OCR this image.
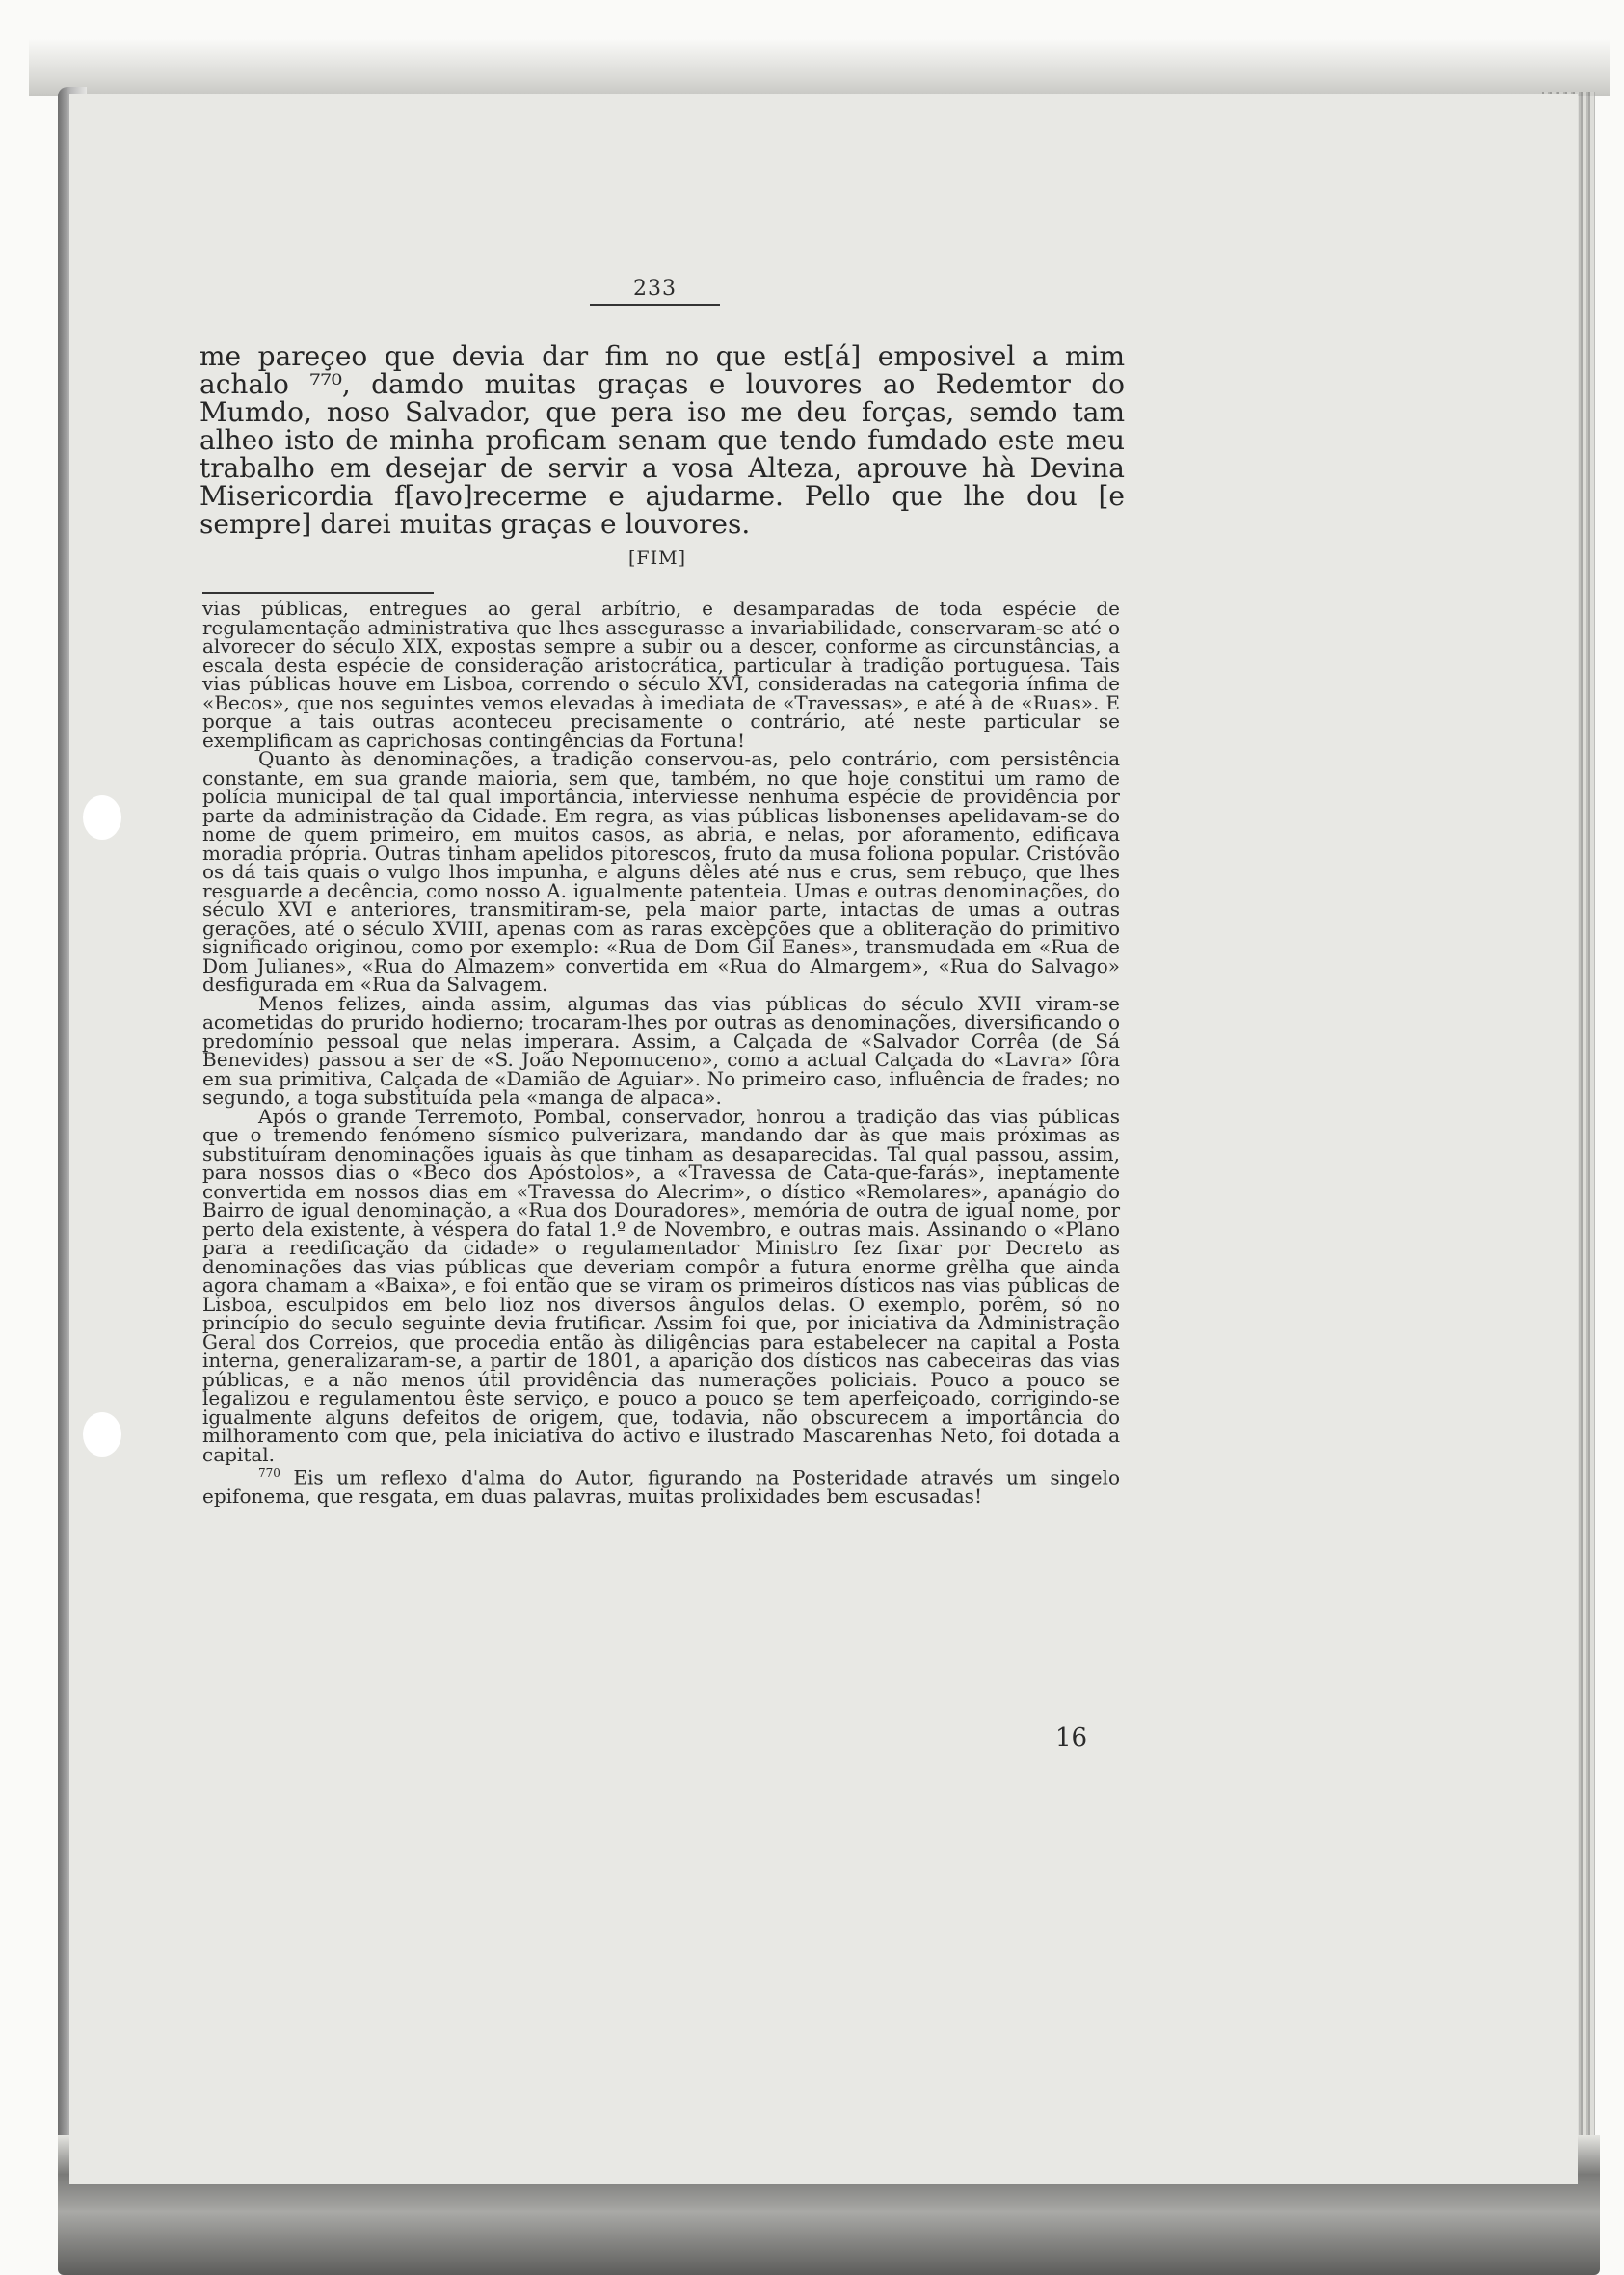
233

me pareçeo que devia dar fim no que est[á] emposivel a mim achalo ⁷⁷⁰, damdo muitas graças e louvores ao Redemtor do Mumdo, noso Salvador, que pera iso me deu forças, semdo tam alheo isto de minha proficam senam que tendo fumdado este meu trabalho em desejar de servir a vosa Alteza, aprouve hà Devina Misericordia f[avo]recerme e ajudarme. Pello que lhe dou [e sempre] darei muitas graças e louvores.

[FIM]

vias públicas, entregues ao geral arbítrio, e desamparadas de toda espécie de regulamentação administrativa que lhes assegurasse a invariabilidade, conservaram-se até o alvorecer do século XIX, expostas sempre a subir ou a descer, conforme as circunstâncias, a escala desta espécie de consideração aristocrática, particular à tradição portuguesa. Tais vias públicas houve em Lisboa, correndo o século XVI, consideradas na categoria ínfima de «Becos», que nos seguintes vemos elevadas à imediata de «Travessas», e até à de «Ruas». E porque a tais outras aconteceu precisamente o contrário, até neste particular se exemplificam as caprichosas contingências da Fortuna!

Quanto às denominações, a tradição conservou-as, pelo contrário, com persistência constante, em sua grande maioria, sem que, também, no que hoje constitui um ramo de polícia municipal de tal qual importância, interviesse nenhuma espécie de providência por parte da administração da Cidade. Em regra, as vias públicas lisbonenses apelidavam-se do nome de quem primeiro, em muitos casos, as abria, e nelas, por aforamento, edificava moradia própria. Outras tinham apelidos pitorescos, fruto da musa foliona popular. Cristóvão os dá tais quais o vulgo lhos impunha, e alguns dêles até nus e crus, sem rebuço, que lhes resguarde a decência, como nosso A. igualmente patenteia. Umas e outras denominações, do século XVI e anteriores, transmitiram-se, pela maior parte, intactas de umas a outras gerações, até o século XVIII, apenas com as raras excèpções que a obliteração do primitivo significado originou, como por exemplo: «Rua de Dom Gil Eanes», transmudada em «Rua de Dom Julianes», «Rua do Almazem» convertida em «Rua do Almargem», «Rua do Salvago» desfigurada em «Rua da Salvagem.

Menos felizes, ainda assim, algumas das vias públicas do século XVII viram-se acometidas do prurido hodierno; trocaram-lhes por outras as denominações, diversificando o predomínio pessoal que nelas imperara. Assim, a Calçada de «Salvador Corrêa (de Sá Benevides) passou a ser de «S. João Nepomuceno», como a actual Calçada do «Lavra» fôra em sua primitiva, Calçada de «Damião de Aguiar». No primeiro caso, influência de frades; no segundo, a toga substituída pela «manga de alpaca».

Após o grande Terremoto, Pombal, conservador, honrou a tradição das vias públicas que o tremendo fenómeno sísmico pulverizara, mandando dar às que mais próximas as substituíram denominações iguais às que tinham as desaparecidas. Tal qual passou, assim, para nossos dias o «Beco dos Apóstolos», a «Travessa de Cata-que-farás», ineptamente convertida em nossos dias em «Travessa do Alecrim», o dístico «Remolares», apanágio do Bairro de igual denominação, a «Rua dos Douradores», memória de outra de igual nome, por perto dela existente, à véspera do fatal 1.º de Novembro, e outras mais. Assinando o «Plano para a reedificação da cidade» o regulamentador Ministro fez fixar por Decreto as denominações das vias públicas que deveriam compôr a futura enorme grêlha que ainda agora chamam a «Baixa», e foi então que se viram os primeiros dísticos nas vias públicas de Lisboa, esculpidos em belo lioz nos diversos ângulos delas. O exemplo, porêm, só no princípio do seculo seguinte devia frutificar. Assim foi que, por iniciativa da Administração Geral dos Correios, que procedia então às diligências para estabelecer na capital a Posta interna, generalizaram-se, a partir de 1801, a aparição dos dísticos nas cabeceiras das vias públicas, e a não menos útil providência das numerações policiais. Pouco a pouco se legalizou e regulamentou êste serviço, e pouco a pouco se tem aperfeiçoado, corrigindo-se igualmente alguns defeitos de origem, que, todavia, não obscurecem a importância do milhoramento com que, pela iniciativa do activo e ilustrado Mascarenhas Neto, foi dotada a capital.

$^{770}$ Eis um reflexo d'alma do Autor, figurando na Posteridade através um singelo epifonema, que resgata, em duas palavras, muitas prolixidades bem escusadas!

16
